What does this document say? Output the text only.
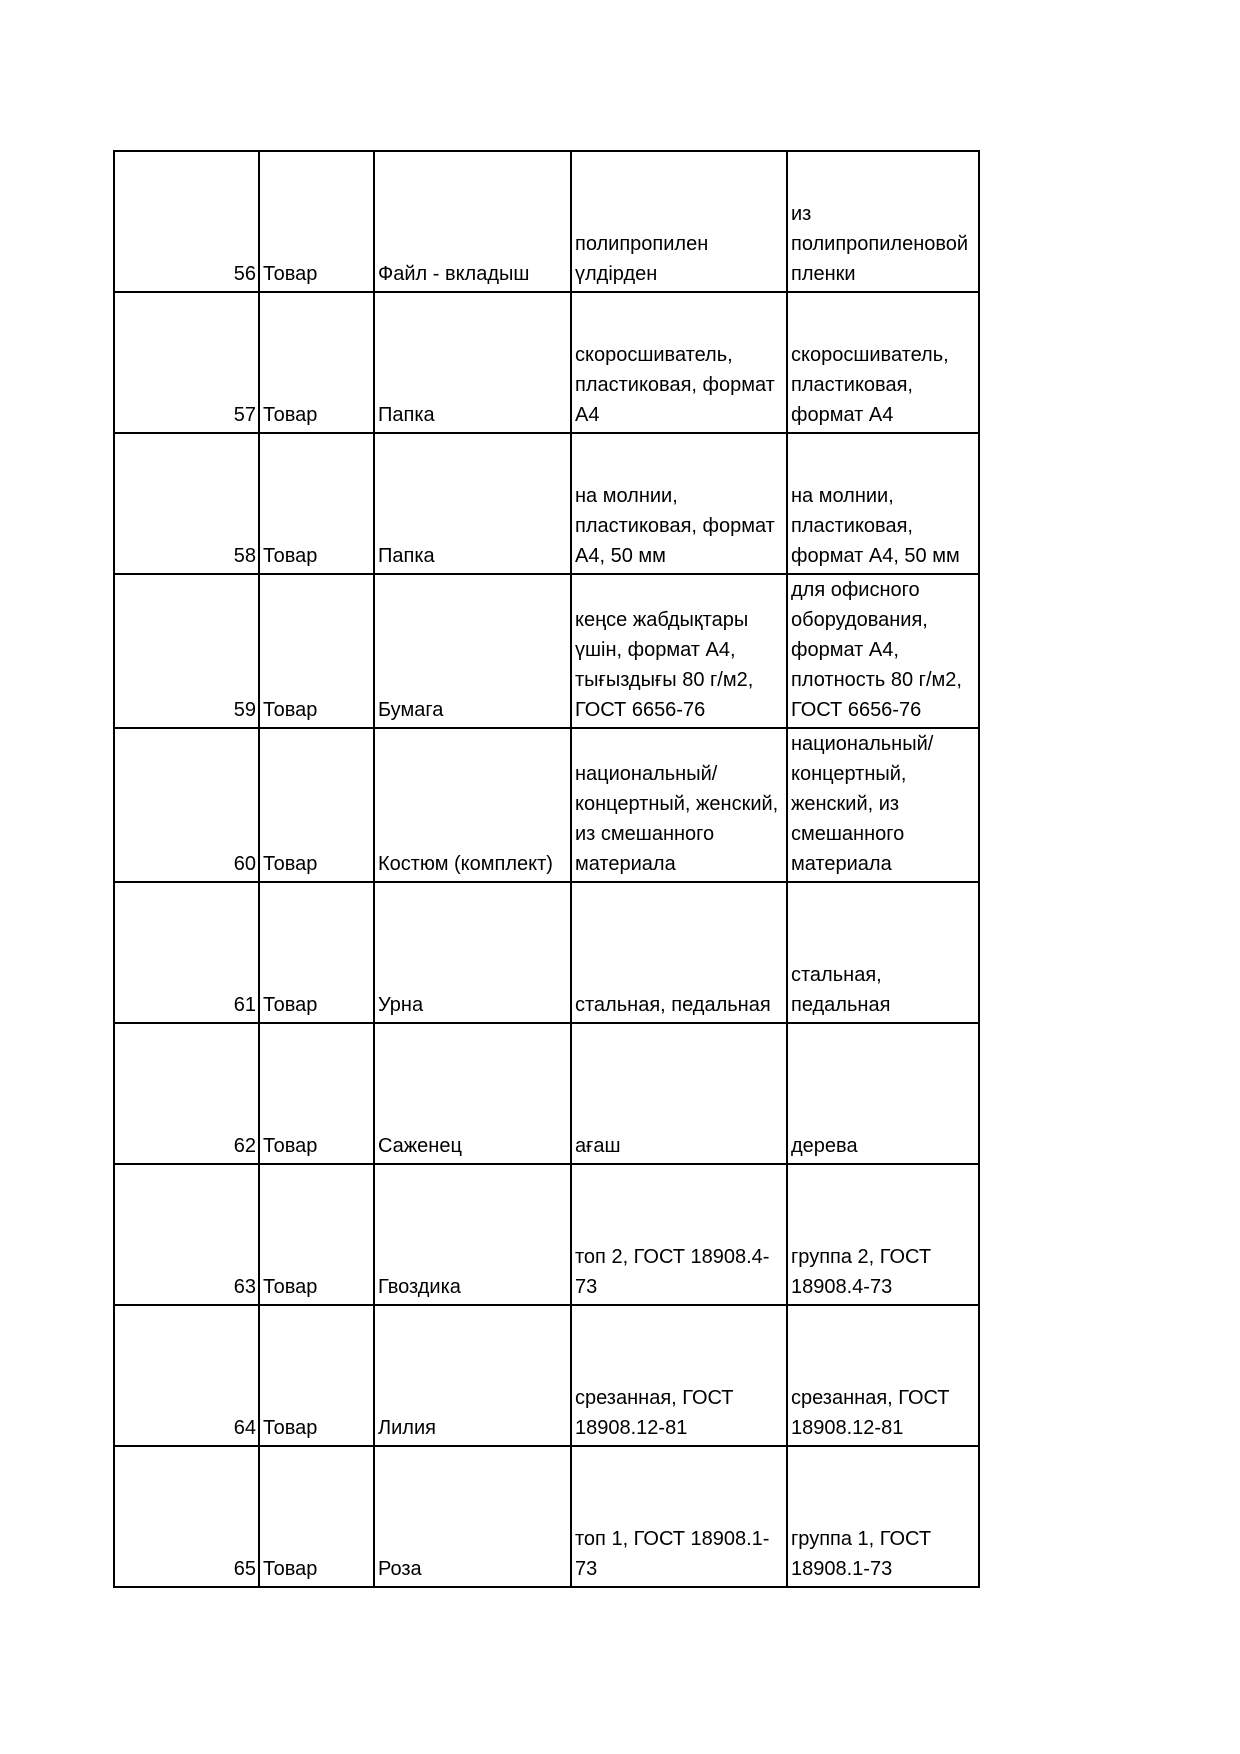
56	Товар	Файл - вкладыш	полипропилен үлдірден	из полипропиленовой пленки
57	Товар	Папка	скоросшиватель, пластиковая, формат А4	скоросшиватель, пластиковая, формат А4
58	Товар	Папка	на молнии, пластиковая, формат А4, 50 мм	на молнии, пластиковая, формат А4, 50 мм
59	Товар	Бумага	кеңсе жабдықтары үшін, формат А4, тығыздығы 80 г/м2, ГОСТ 6656-76	для офисного оборудования, формат А4, плотность 80 г/м2, ГОСТ 6656-76
60	Товар	Костюм (комплект)	национальный/концертный, женский, из смешанного материала	национальный/концертный, женский, из смешанного материала
61	Товар	Урна	стальная, педальная	стальная, педальная
62	Товар	Саженец	ағаш	дерева
63	Товар	Гвоздика	топ 2, ГОСТ 18908.4-73	группа 2, ГОСТ 18908.4-73
64	Товар	Лилия	срезанная, ГОСТ 18908.12-81	срезанная, ГОСТ 18908.12-81
65	Товар	Роза	топ 1, ГОСТ 18908.1-73	группа 1, ГОСТ 18908.1-73
